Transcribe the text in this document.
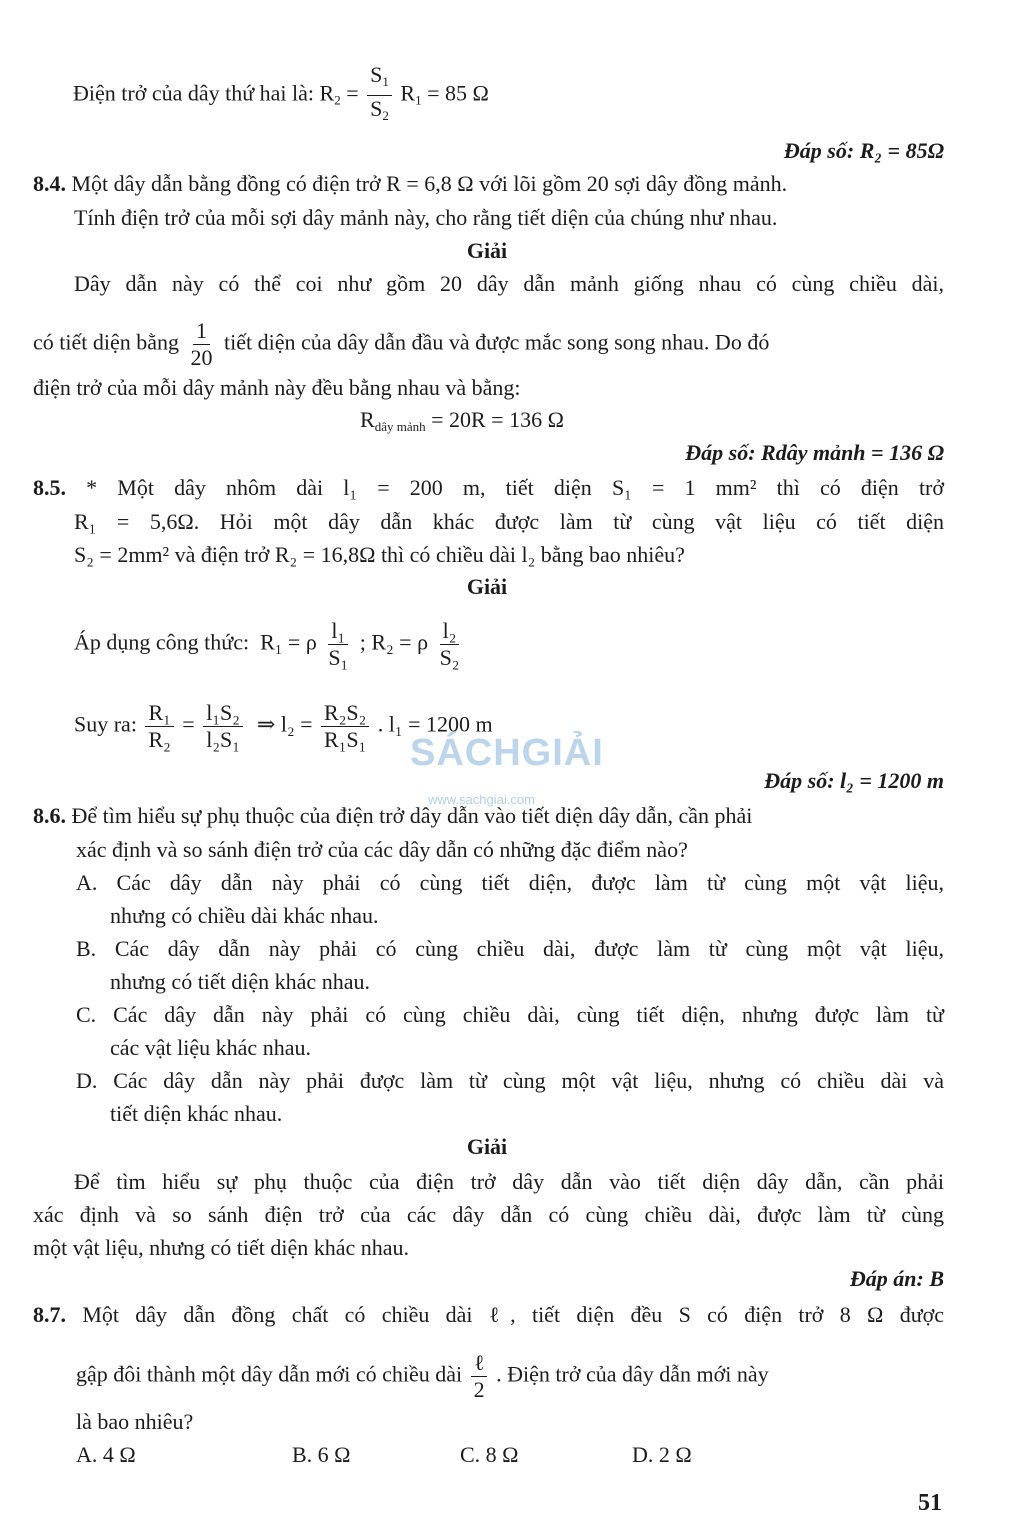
Điện trở của dây thứ hai là: $R_2 = \frac{S_1}{S_2} R_1 = 85$ Ω
Đáp số: R₂ = 85Ω
8.4. Một dây dẫn bằng đồng có điện trở R = 6,8 Ω với lõi gồm 20 sợi dây đồng mảnh.
Tính điện trở của mỗi sợi dây mảnh này, cho rằng tiết diện của chúng như nhau.
Giải
Dây dẫn này có thể coi như gồm 20 dây dẫn mảnh giống nhau có cùng chiều dài,
có tiết diện bằng $\frac{1}{20}$ tiết diện của dây dẫn đầu và được mắc song song nhau. Do đó
điện trở của mỗi dây mảnh này đều bằng nhau và bằng:
$R_{dây mảnh} = 20R = 136$ Ω
Đáp số: Rdây mảnh = 136 Ω
8.5. * Một dây nhôm dài l₁ = 200 m, tiết diện S₁ = 1 mm² thì có điện trở
R₁ = 5,6Ω. Hỏi một dây dẫn khác được làm từ cùng vật liệu có tiết diện
S₂ = 2mm² và điện trở R₂ = 16,8Ω thì có chiều dài l₂ bằng bao nhiêu?
Giải
Áp dụng công thức: R₁ = ρ $\frac{\text{l₁}}{\text{S₁}}$ ; R₂ = ρ $\frac{\text{l₂}}{\text{S₂}}$
Suy ra: $\frac{\text{R₁}}{\text{R₂}} = \frac{\text{l₁S₂}}{\text{l₂S₁}}$ ⇒ $l_2 = \frac{\text{R₂S₂}}{\text{R₁S₁}}$ . l₁ = 1200 m
Đáp số: l₂ = 1200 m
SÁCHGIẢI
www.sachgiai.com
8.6. Để tìm hiểu sự phụ thuộc của điện trở dây dẫn vào tiết diện dây dẫn, cần phải
xác định và so sánh điện trở của các dây dẫn có những đặc điểm nào?
A. Các dây dẫn này phải có cùng tiết diện, được làm từ cùng một vật liệu,
nhưng có chiều dài khác nhau.
B. Các dây dẫn này phải có cùng chiều dài, được làm từ cùng một vật liệu,
nhưng có tiết diện khác nhau.
C. Các dây dẫn này phải có cùng chiều dài, cùng tiết diện, nhưng được làm từ
các vật liệu khác nhau.
D. Các dây dẫn này phải được làm từ cùng một vật liệu, nhưng có chiều dài và
tiết diện khác nhau.
Giải
Để tìm hiểu sự phụ thuộc của điện trở dây dẫn vào tiết diện dây dẫn, cần phải
xác định và so sánh điện trở của các dây dẫn có cùng chiều dài, được làm từ cùng
một vật liệu, nhưng có tiết diện khác nhau.
Đáp án: B
8.7. Một dây dẫn đồng chất có chiều dài ℓ, tiết diện đều S có điện trở 8 Ω được
gập đôi thành một dây dẫn mới có chiều dài $\frac{\text{ℓ}}{2}$ . Điện trở của dây dẫn mới này
là bao nhiêu?
A. 4 Ω	B. 6 Ω	C. 8 Ω	D. 2 Ω
51
